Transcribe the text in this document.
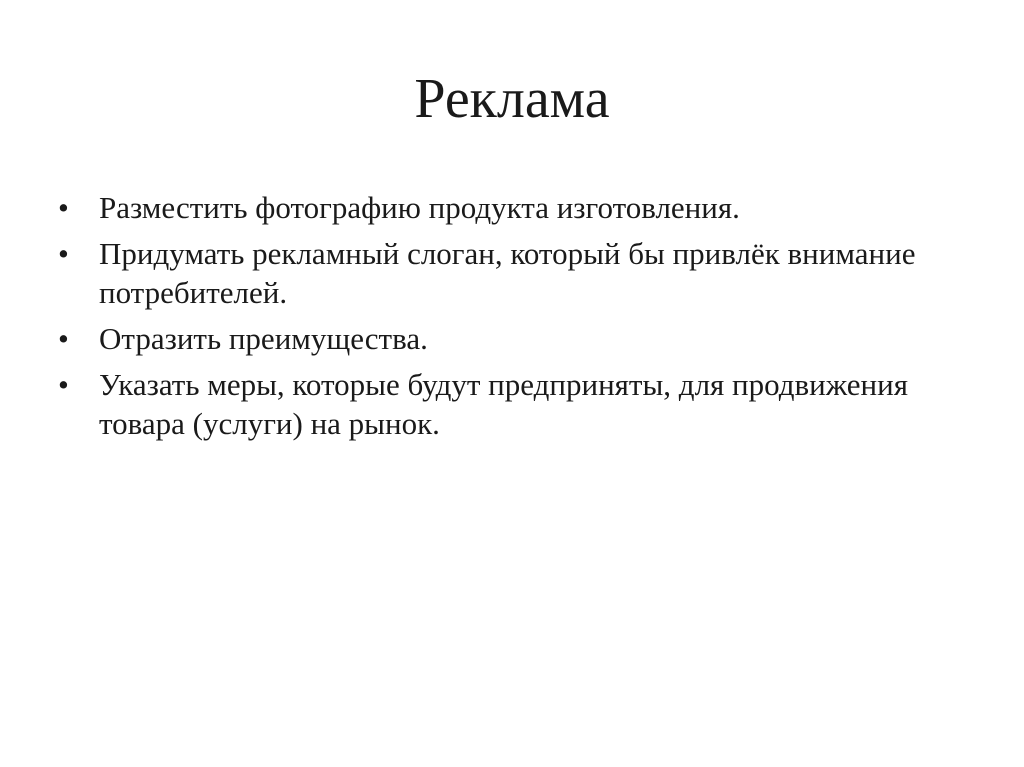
Реклама
• Разместить фотографию продукта изготовления.
• Придумать рекламный слоган, который бы привлёк внимание потребителей.
• Отразить преимущества.
• Указать меры, которые будут предприняты, для продвижения товара (услуги) на рынок.
